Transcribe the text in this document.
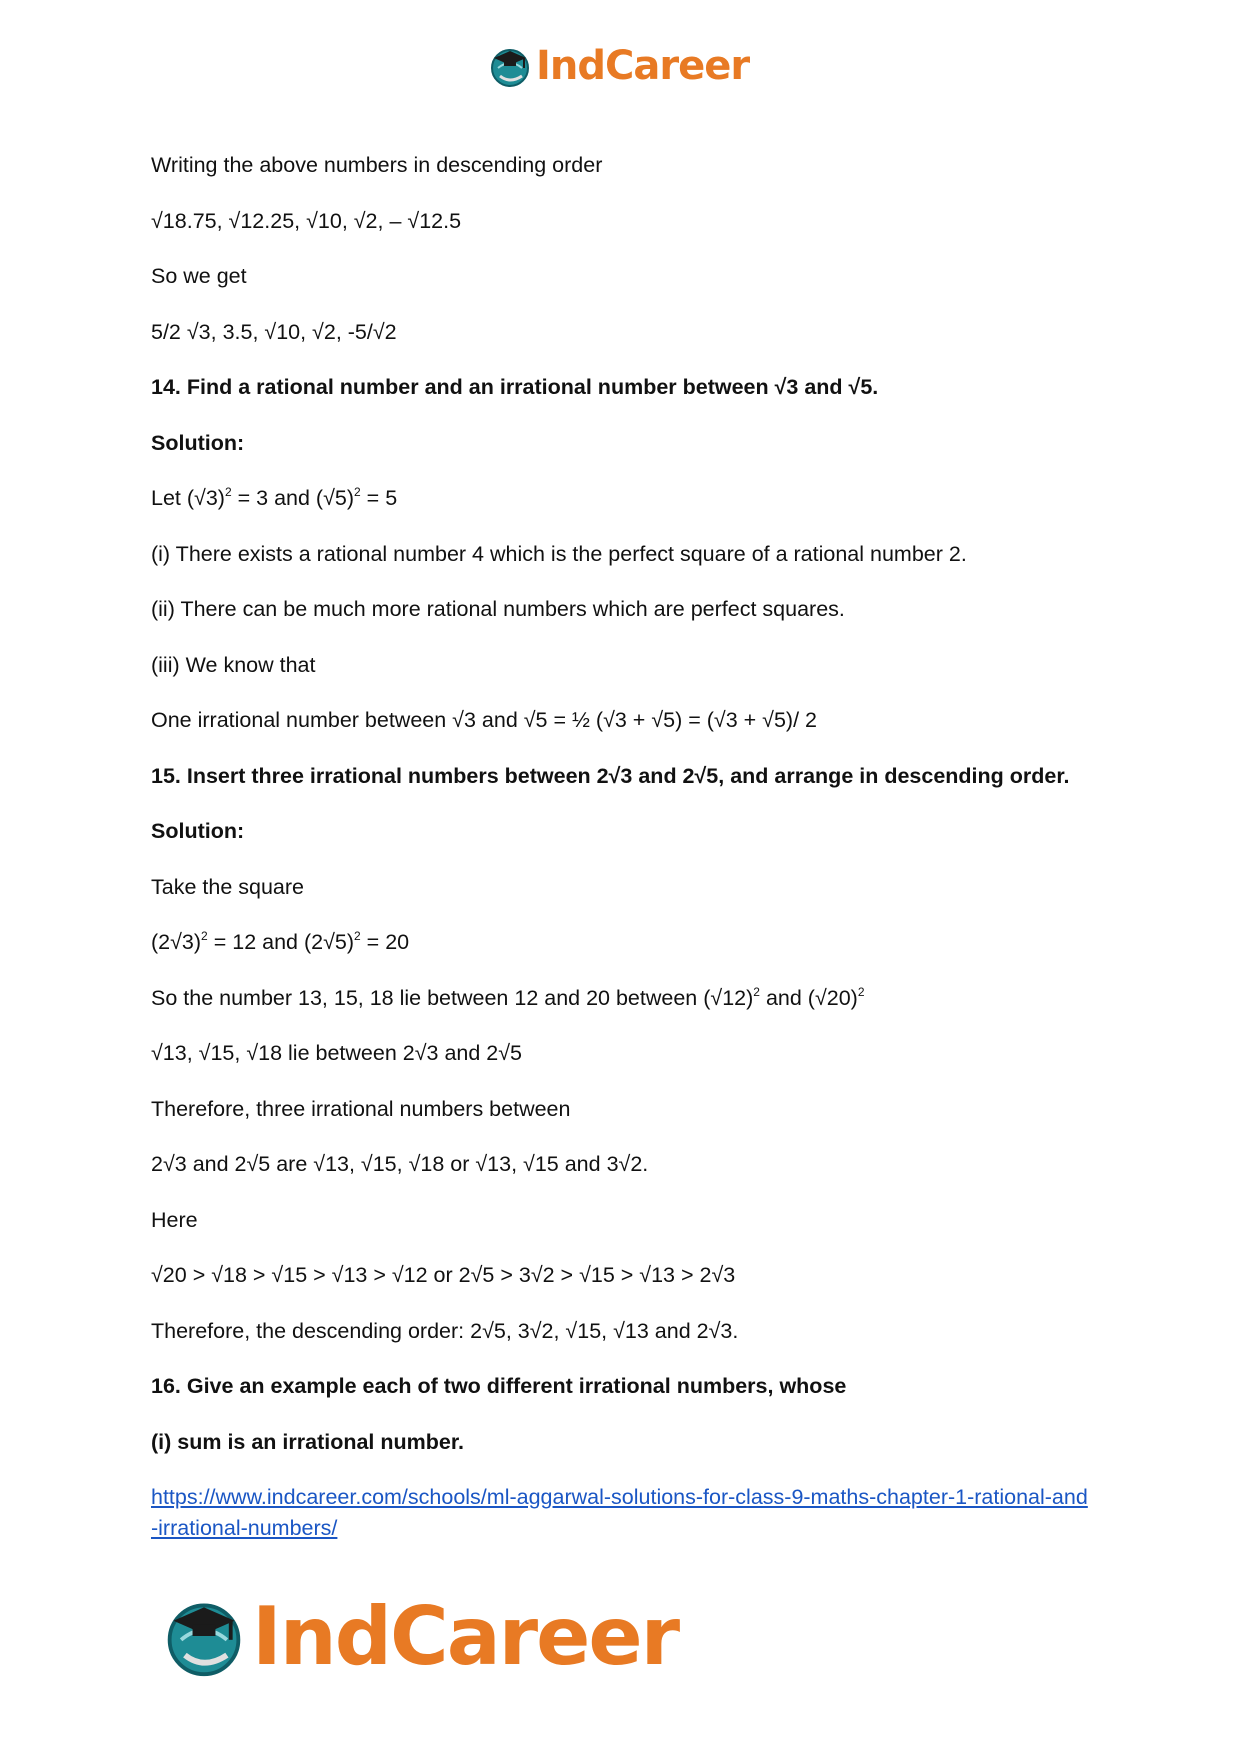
IndCareer

Writing the above numbers in descending order

√18.75, √12.25, √10, √2, – √12.5

So we get

5/2 √3, 3.5, √10, √2, -5/√2

14. Find a rational number and an irrational number between √3 and √5.

Solution:

Let $(√3)^2 = 3$ and $(√5)^2 = 5$

(i) There exists a rational number 4 which is the perfect square of a rational number 2.

(ii) There can be much more rational numbers which are perfect squares.

(iii) We know that

One irrational number between √3 and √5 = ½ (√3 + √5) = (√3 + √5)/ 2

15. Insert three irrational numbers between 2√3 and 2√5, and arrange in descending order.

Solution:

Take the square

$(2√3)^2 = 12$ and $(2√5)^2 = 20$

So the number 13, 15, 18 lie between 12 and 20 between $(√12)^2$ and $(√20)^2$

√13, √15, √18 lie between 2√3 and 2√5

Therefore, three irrational numbers between

2√3 and 2√5 are √13, √15, √18 or √13, √15 and 3√2.

Here

√20 > √18 > √15 > √13 > √12 or 2√5 > 3√2 > √15 > √13 > 2√3

Therefore, the descending order: 2√5, 3√2, √15, √13 and 2√3.

16. Give an example each of two different irrational numbers, whose

(i) sum is an irrational number.

https://www.indcareer.com/schools/ml-aggarwal-solutions-for-class-9-maths-chapter-1-rational-and-irrational-numbers/
IndCareer
